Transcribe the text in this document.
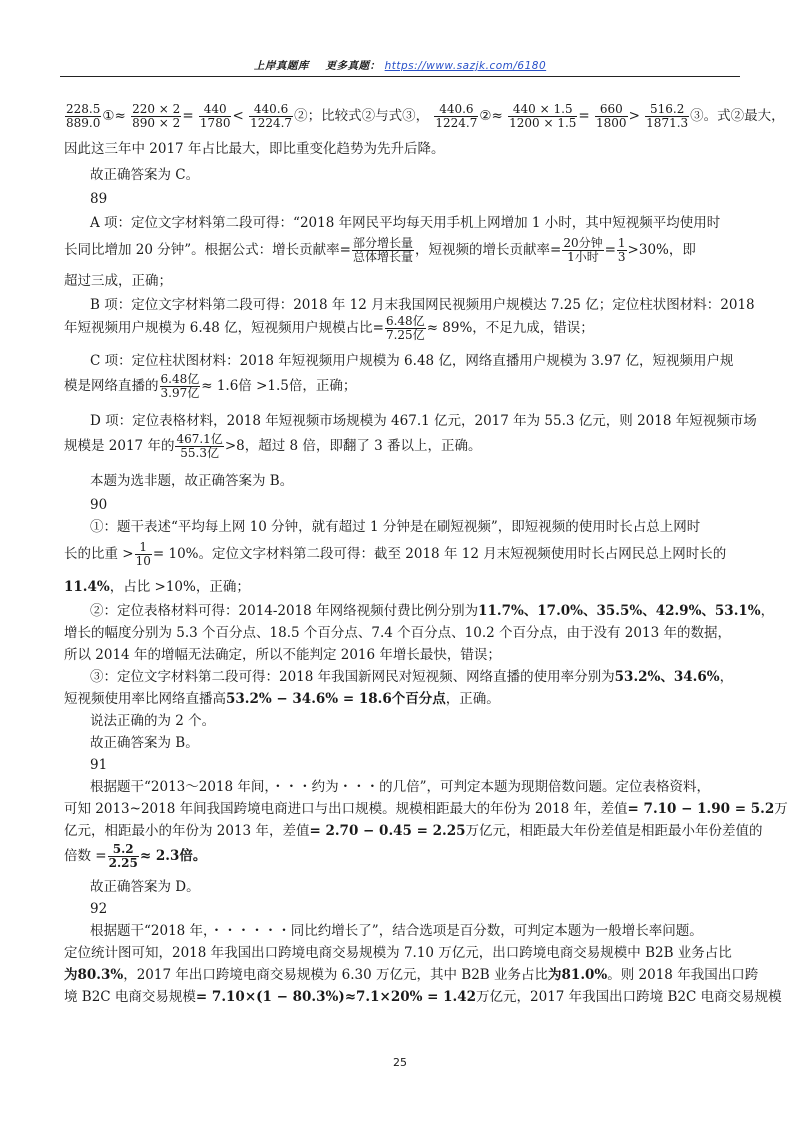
上岸真题库 更多真题： https://www.sazjk.com/6180
$\frac{228.5}{889.0}$ ①≈ $\frac{220 \times 2}{890 \times 2} = \frac{440}{1780} < \frac{440.6}{1224.7}$ ②；比较式②与式③， $\frac{440.6}{1224.7}$ ②≈ $\frac{440 \times 1.5}{1200 \times 1.5} = \frac{660}{1800} > \frac{516.2}{1871.3}$ ③。式②最大，
因此这三年中 2017 年占比最大，即比重变化趋势为先升后降。
故正确答案为 C。
89
A 项：定位文字材料第二段可得：“2018 年网民平均每天用手机上网增加 1 小时，其中短视频平均使用时
长同比增加 20 分钟”。根据公式：增长贡献率= 部分增长量
总体增长量 ，短视频的增长贡献率= 20分钟
1小时 = $\frac{1}{3} >30\%$，即
超过三成，正确；
B 项：定位文字材料第二段可得：2018 年 12 月末我国网民视频用户规模达 7.25 亿；定位柱状图材料：2018
年短视频用户规模为 6.48 亿，短视频用户规模占比= 6.48亿
7.25亿 ≈ 89%，不足九成，错误；
C 项：定位柱状图材料：2018 年短视频用户规模为 6.48 亿，网络直播用户规模为 3.97 亿，短视频用户规
模是网络直播的 6.48亿
3.97亿 ≈ 1.6倍 >1.5倍，正确；
D 项：定位表格材料，2018 年短视频市场规模为 467.1 亿元，2017 年为 55.3 亿元，则 2018 年短视频市场
规模是 2017 年的 467.1亿
55.3亿 >8，超过 8 倍，即翻了 3 番以上，正确。
本题为选非题，故正确答案为 B。
90
①：题干表述“平均每上网 10 分钟，就有超过 1 分钟是在刷短视频”，即短视频的使用时长占总上网时
长的比重 > $\frac{1}{10} = 10\%$。定位文字材料第二段可得：截至 2018 年 12 月末短视频使用时长占网民总上网时长的
11.4%，占比 >10%，正确；
②：定位表格材料可得：2014-2018 年网络视频付费比例分别为11.7%、17.0%、35.5%、42.9%、53.1%，
增长的幅度分别为 5.3 个百分点、18.5 个百分点、7.4 个百分点、10.2 个百分点，由于没有 2013 年的数据，
所以 2014 年的增幅无法确定，所以不能判定 2016 年增长最快，错误；
③：定位文字材料第二段可得：2018 年我国新网民对短视频、网络直播的使用率分别为53.2%、34.6%，
短视频使用率比网络直播高53.2% − 34.6% = 18.6个百分点，正确。
说法正确的为 2 个。
故正确答案为 B。
91
根据题干“2013～2018 年间，・・・约为・・・的几倍”，可判定本题为现期倍数问题。定位表格资料，
可知 2013~2018 年间我国跨境电商进口与出口规模。规模相距最大的年份为 2018 年，差值= 7.10 − 1.90 = 5.2万
亿元，相距最小的年份为 2013 年，差值= 2.70 − 0.45 = 2.25万亿元，相距最大年份差值是相距最小年份差值的
倍数 = $\frac{5.2}{2.25} \approx 2.3$倍。
故正确答案为 D。
92
根据题干“2018 年，・・・・・・同比约增长了”，结合选项是百分数，可判定本题为一般增长率问题。
定位统计图可知，2018 年我国出口跨境电商交易规模为 7.10 万亿元，出口跨境电商交易规模中 B2B 业务占比
为80.3%，2017 年出口跨境电商交易规模为 6.30 万亿元，其中 B2B 业务占比为81.0%。则 2018 年我国出口跨
境 B2C 电商交易规模= 7.10×(1 − 80.3%)≈7.1×20% = 1.42万亿元，2017 年我国出口跨境 B2C 电商交易规模
25
